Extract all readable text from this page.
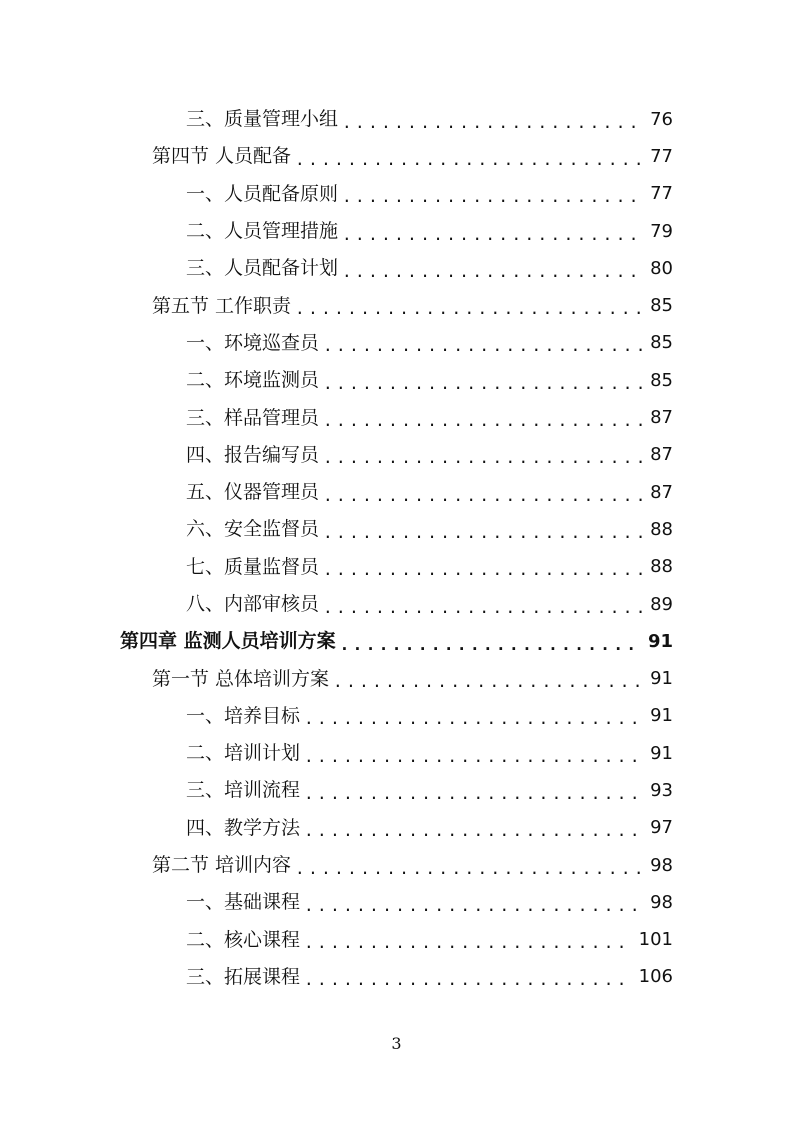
三、质量管理小组 .....	76
第四节 人员配备 .....	77
一、人员配备原则 .....	77
二、人员管理措施 .....	79
三、人员配备计划 .....	80
第五节 工作职责 .....	85
一、环境巡查员 .....	85
二、环境监测员 .....	85
三、样品管理员 .....	87
四、报告编写员 .....	87
五、仪器管理员 .....	87
六、安全监督员 .....	88
七、质量监督员 .....	88
八、内部审核员 .....	89
第四章 监测人员培训方案 .....	91
第一节 总体培训方案 .....	91
一、培养目标 .....	91
二、培训计划 .....	91
三、培训流程 .....	93
四、教学方法 .....	97
第二节 培训内容 .....	98
一、基础课程 .....	98
二、核心课程 .....	101
三、拓展课程 .....	106
3
